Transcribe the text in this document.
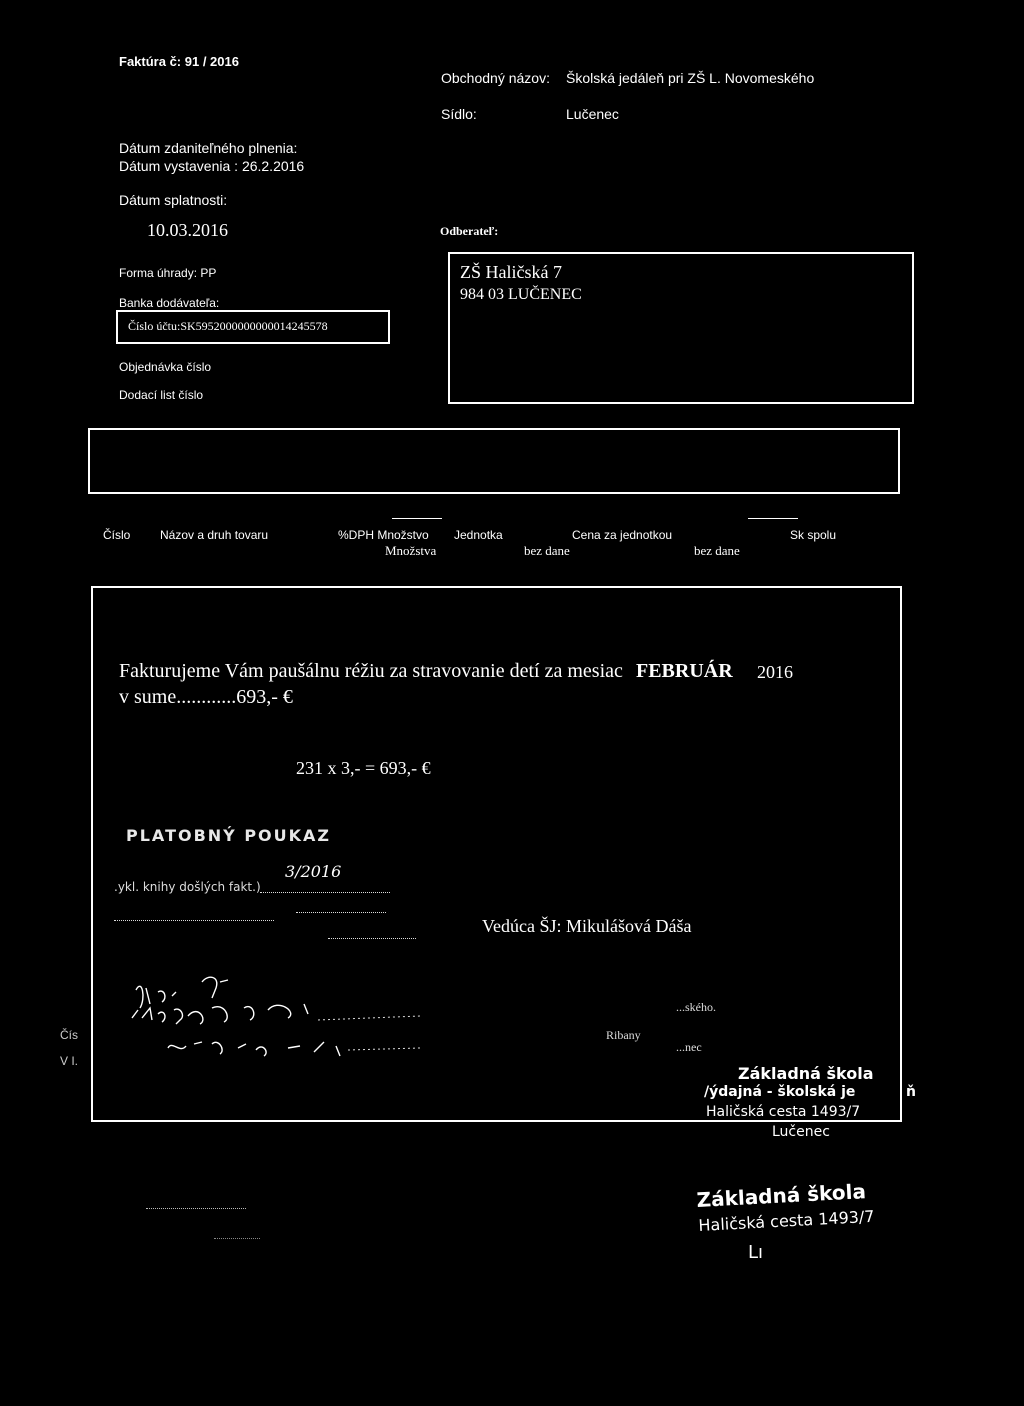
Faktúra č: 91 / 2016
Dátum zdaniteľného plnenia:
Dátum vystavenia : 26.2.2016
Dátum splatnosti:
10.03.2016
Forma úhrady: PP
Banka dodávateľa:
Číslo účtu:SK5952000000000014245578
Objednávka číslo
Dodací list číslo
Obchodný názov: Školská jedáleň pri ZŠ L. Novomeského
Sídlo:	Lučenec
Odberateľ:
ZŠ Haličská 7
984 03 LUČENEC
Číslo Názov a druh tovaru	%DPH Množstvo Jednotka	Cena za jednotkou	Sk spolu
Množstva	bez dane	bez dane
Fakturujeme Vám paušálnu réžiu za stravovanie detí za mesiac FEBRUÁR 2016
v sume............693,- €
231 x 3,- = 693,- €
PLATOBNÝ POUKAZ
.ykl. knihy došlých fakt.)
3/2016
Vedúca ŠJ: Mikulášová Dáša
Čís
V I.
...ského.
Ribany
...nec
Základná škola
/ýdajná - školská je
Haličská cesta 1493/7
Lučenec
ň
Základná škola
Haličská cesta 1493/7
Lı
